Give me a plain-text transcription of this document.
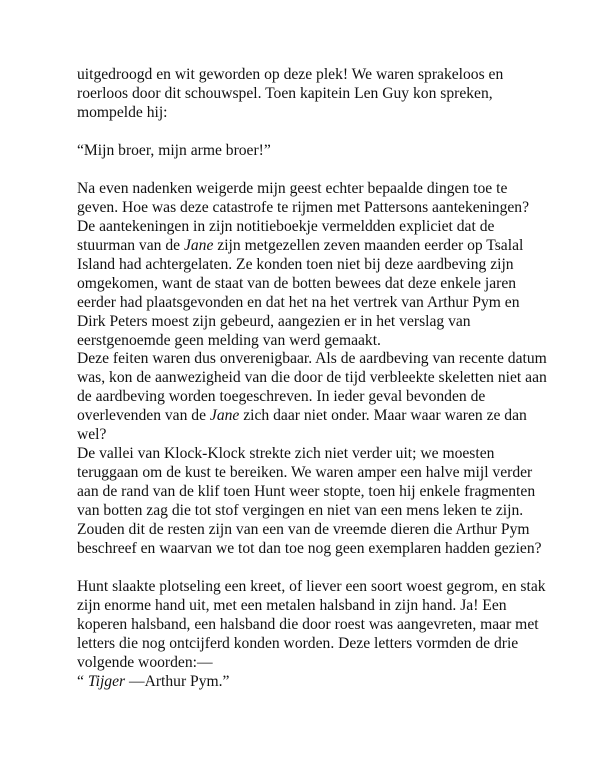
uitgedroogd en wit geworden op deze plek! We waren sprakeloos en roerloos door dit schouwspel. Toen kapitein Len Guy kon spreken, mompelde hij:

“Mijn broer, mijn arme broer!”

Na even nadenken weigerde mijn geest echter bepaalde dingen toe te geven. Hoe was deze catastrofe te rijmen met Pattersons aantekeningen? De aantekeningen in zijn notitieboekje vermeldden expliciet dat de stuurman van de Jane zijn metgezellen zeven maanden eerder op Tsalal Island had achtergelaten. Ze konden toen niet bij deze aardbeving zijn omgekomen, want de staat van de botten bewees dat deze enkele jaren eerder had plaatsgevonden en dat het na het vertrek van Arthur Pym en Dirk Peters moest zijn gebeurd, aangezien er in het verslag van eerstgenoemde geen melding van werd gemaakt.

Deze feiten waren dus onverenigbaar. Als de aardbeving van recente datum was, kon de aanwezigheid van die door de tijd verbleekte skeletten niet aan de aardbeving worden toegeschreven. In ieder geval bevonden de overlevenden van de Jane zich daar niet onder. Maar waar waren ze dan wel?

De vallei van Klock-Klock strekte zich niet verder uit; we moesten teruggaan om de kust te bereiken. We waren amper een halve mijl verder aan de rand van de klif toen Hunt weer stopte, toen hij enkele fragmenten van botten zag die tot stof vergingen en niet van een mens leken te zijn.

Zouden dit de resten zijn van een van de vreemde dieren die Arthur Pym beschreef en waarvan we tot dan toe nog geen exemplaren hadden gezien?

Hunt slaakte plotseling een kreet, of liever een soort woest gegrom, en stak zijn enorme hand uit, met een metalen halsband in zijn hand. Ja! Een koperen halsband, een halsband die door roest was aangevreten, maar met letters die nog ontcijferd konden worden. Deze letters vormden de drie volgende woorden:—

“ Tijger —Arthur Pym.”
